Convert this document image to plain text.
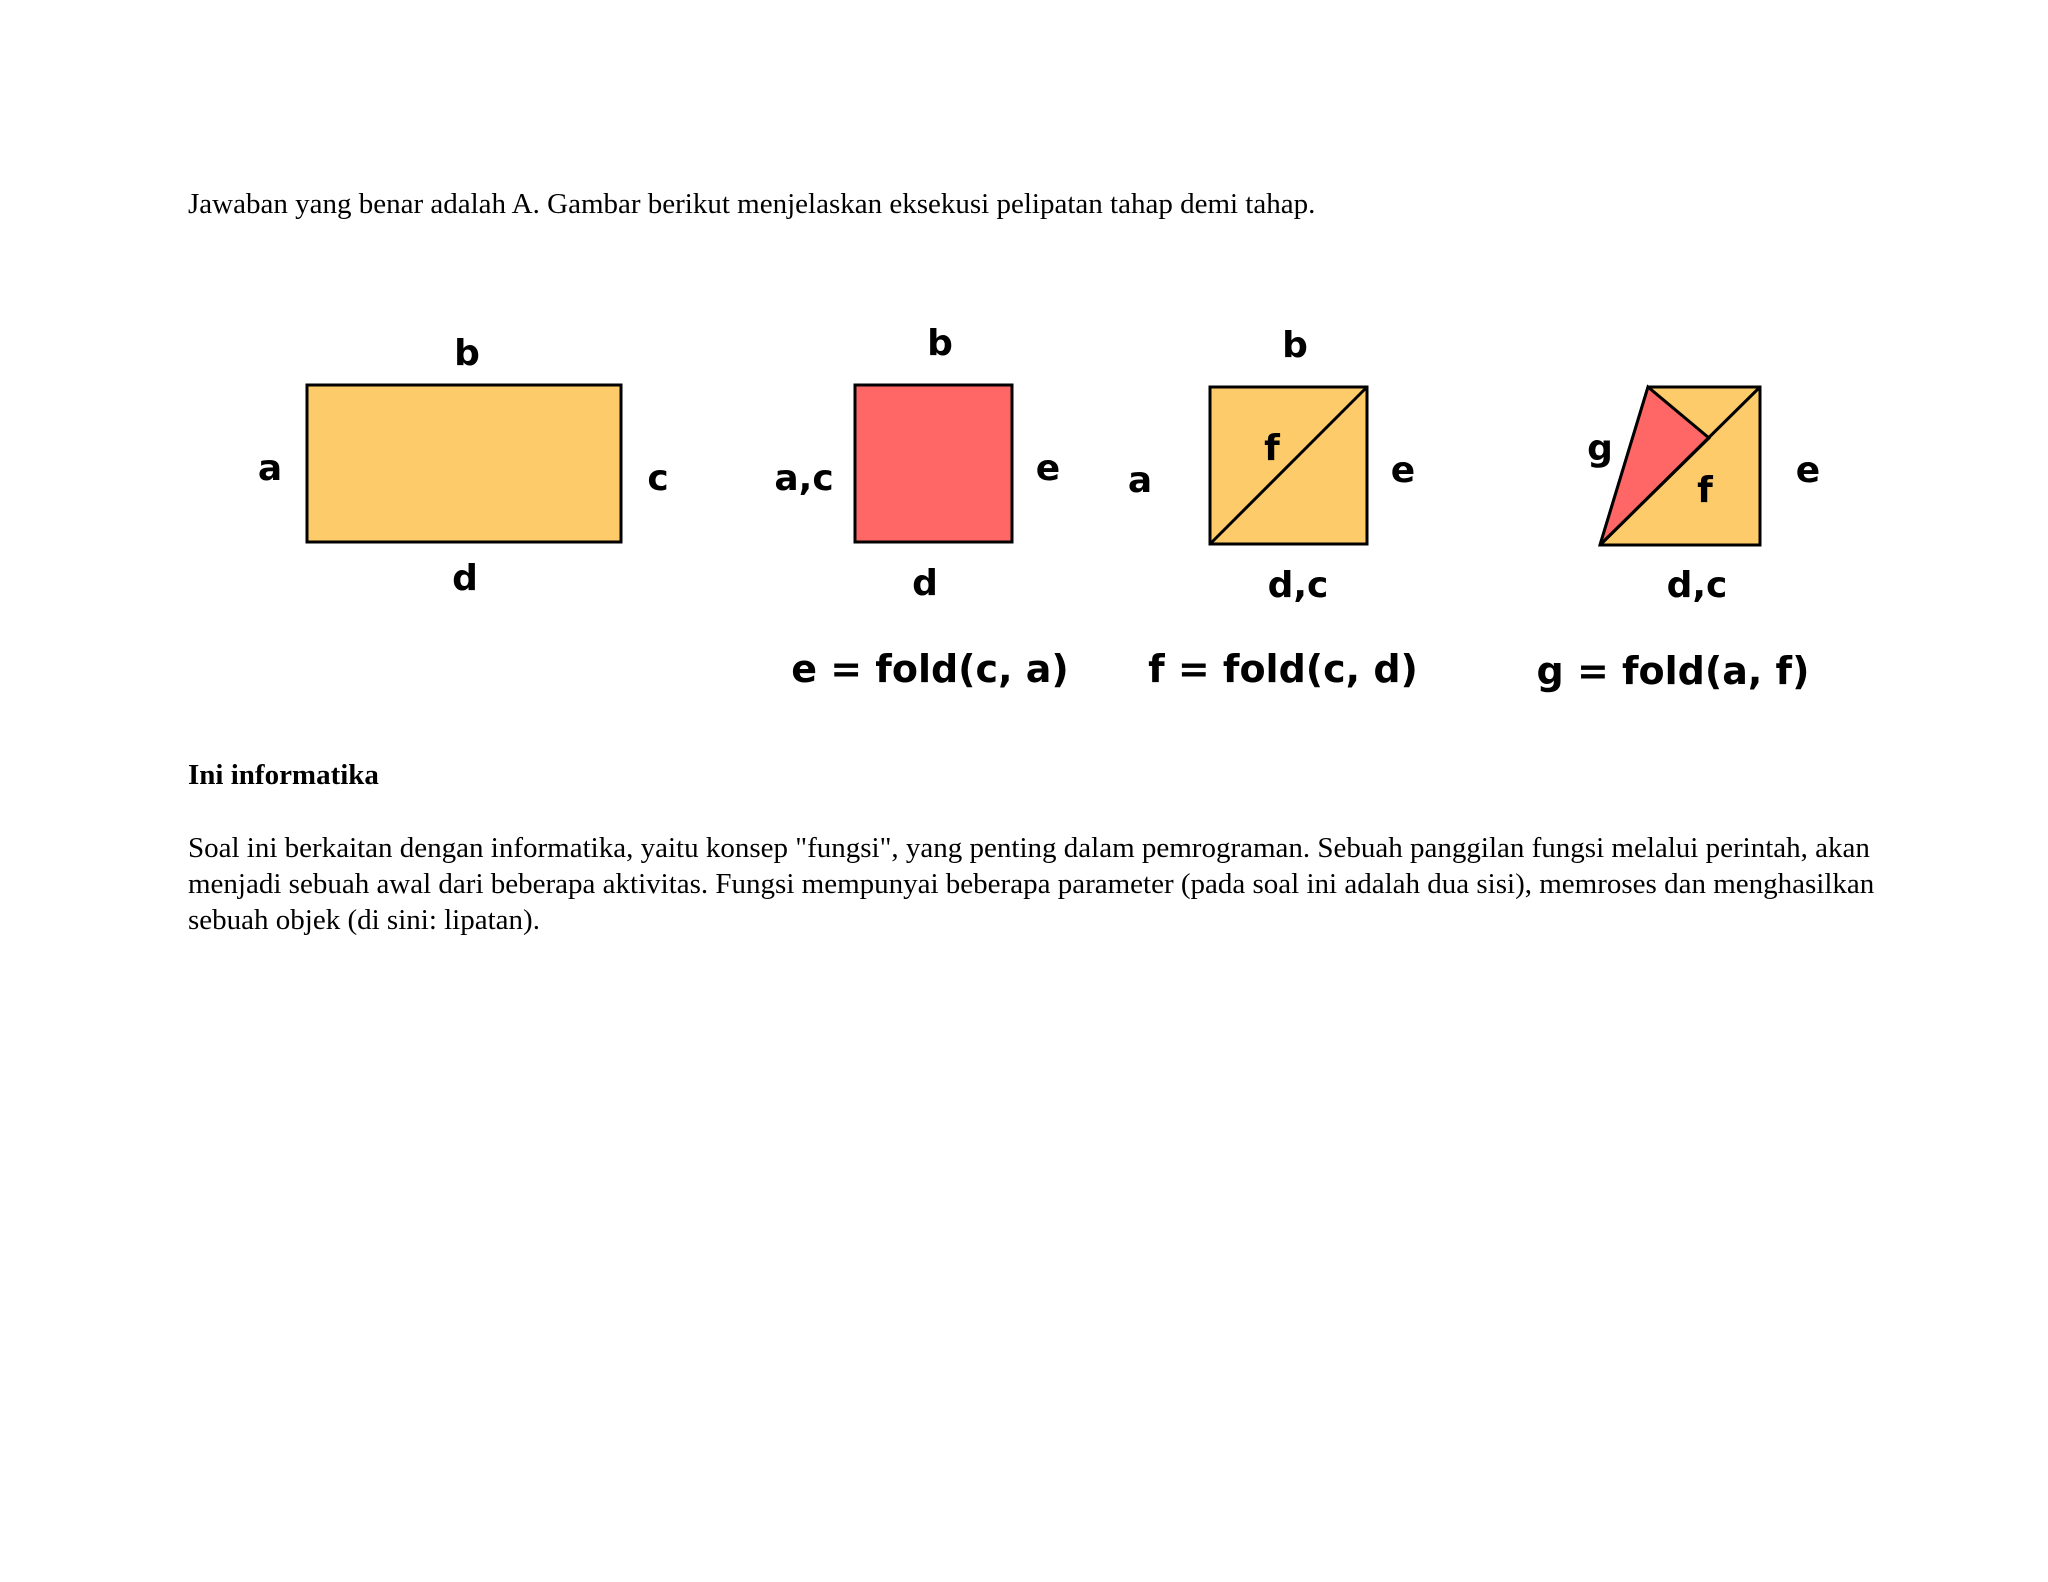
Jawaban yang benar adalah A. Gambar berikut menjelaskan eksekusi pelipatan tahap demi tahap.

b
a	c
d
b
a,c	e
d
e = fold(c, a)
b
a	e
f
d,c
f = fold(c, d)
g
e
f
d,c
g = fold(a, f)

Ini informatika

Soal ini berkaitan dengan informatika, yaitu konsep "fungsi", yang penting dalam pemrograman. Sebuah panggilan fungsi melalui perintah, akan menjadi sebuah awal dari beberapa aktivitas. Fungsi mempunyai beberapa parameter (pada soal ini adalah dua sisi), memroses dan menghasilkan sebuah objek (di sini: lipatan).
